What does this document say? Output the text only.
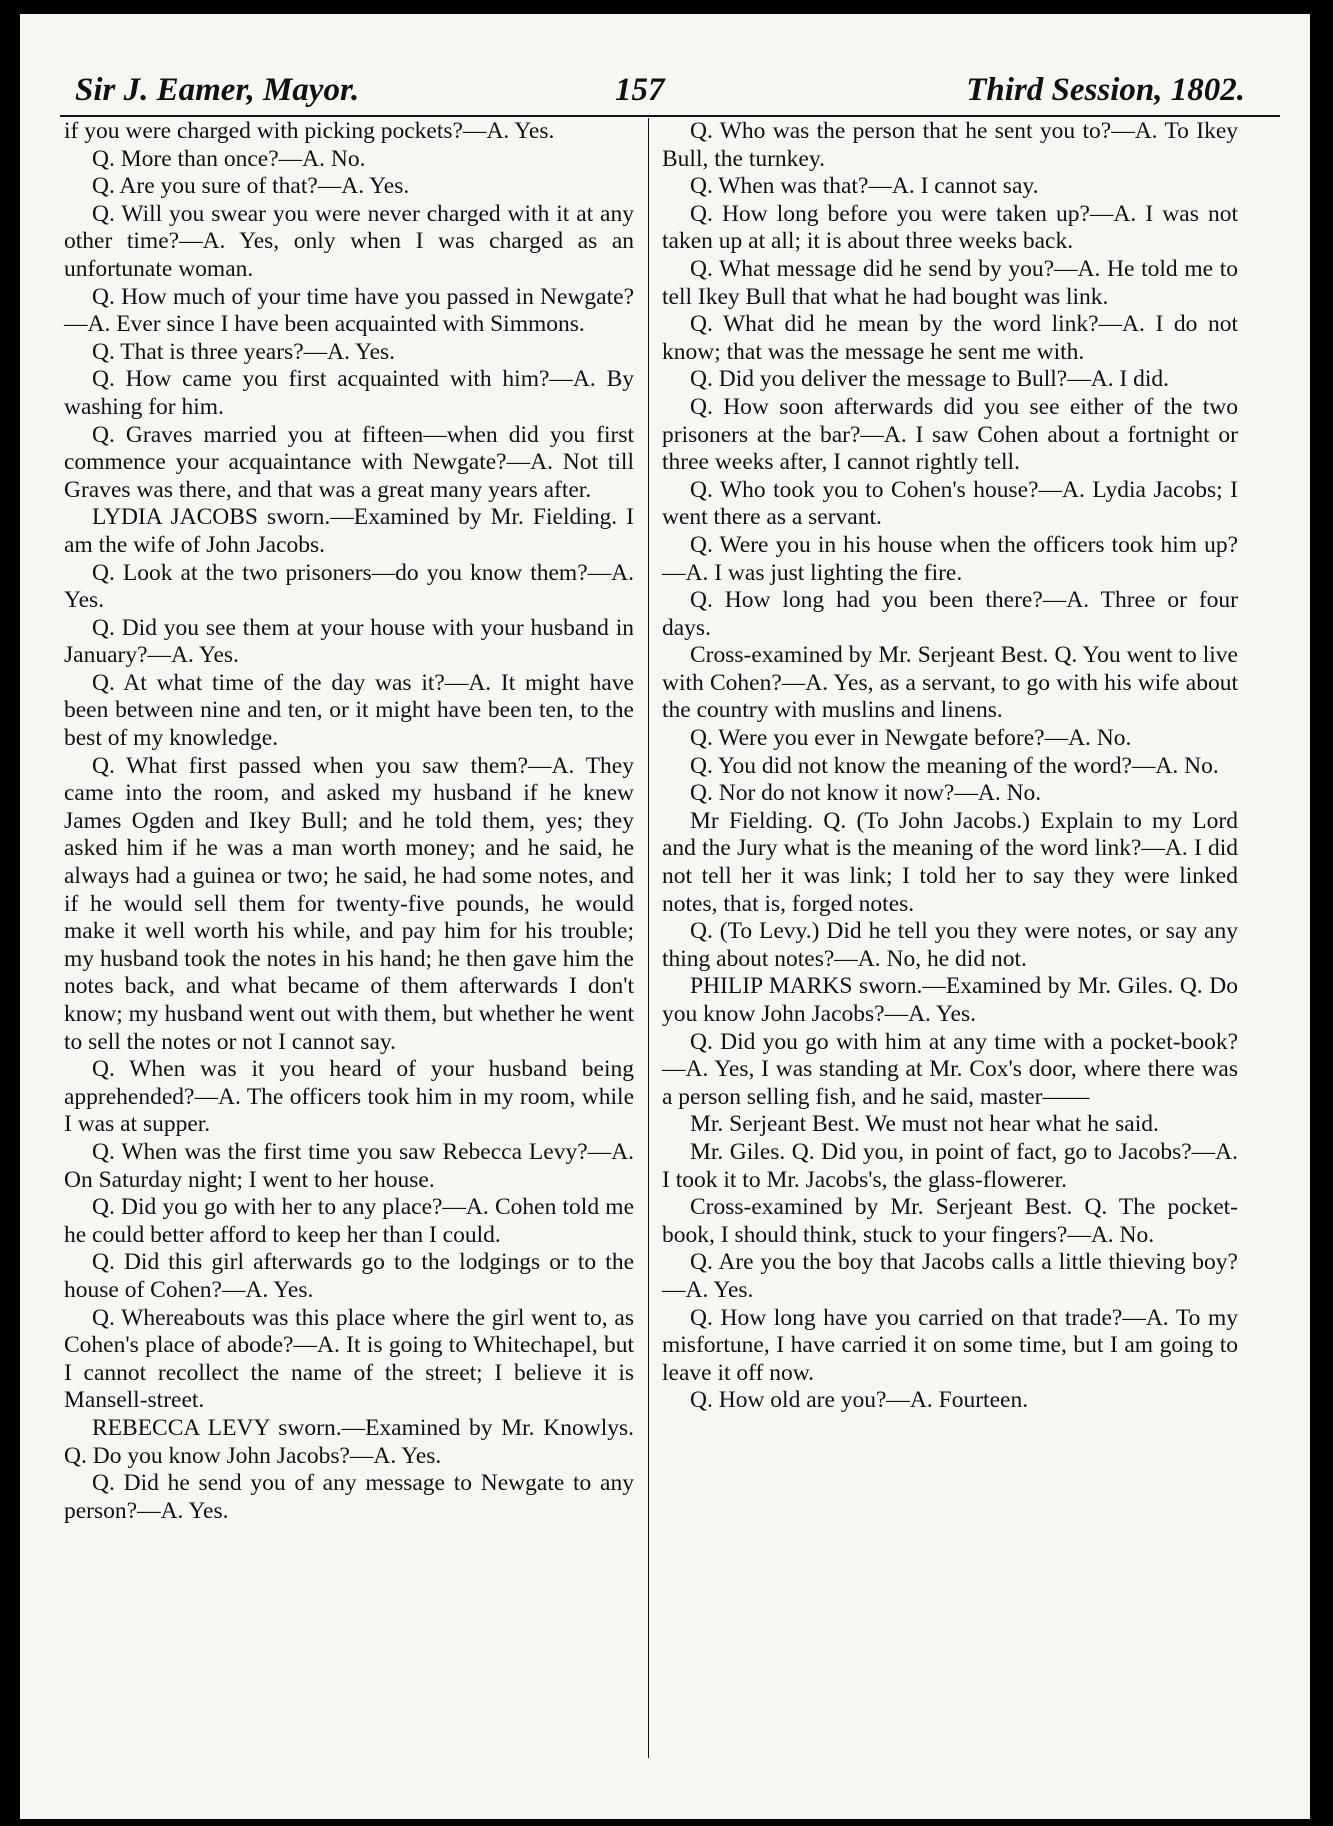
Sir J. Eamer, Mayor.	157	Third Session, 1802.

if you were charged with picking pockets?—A. Yes.

Q. More than once?—A. No.

Q. Are you sure of that?—A. Yes.

Q. Will you swear you were never charged with it at any other time?—A. Yes, only when I was charged as an unfortunate woman.

Q. How much of your time have you passed in Newgate?—A. Ever since I have been acquainted with Simmons.

Q. That is three years?—A. Yes.

Q. How came you first acquainted with him?—A. By washing for him.

Q. Graves married you at fifteen—when did you first commence your acquaintance with Newgate?—A. Not till Graves was there, and that was a great many years after.

LYDIA JACOBS sworn.—Examined by Mr. Fielding. I am the wife of John Jacobs.

Q. Look at the two prisoners—do you know them?—A. Yes.

Q. Did you see them at your house with your husband in January?—A. Yes.

Q. At what time of the day was it?—A. It might have been between nine and ten, or it might have been ten, to the best of my knowledge.

Q. What first passed when you saw them?—A. They came into the room, and asked my husband if he knew James Ogden and Ikey Bull; and he told them, yes; they asked him if he was a man worth money; and he said, he always had a guinea or two; he said, he had some notes, and if he would sell them for twenty-five pounds, he would make it well worth his while, and pay him for his trouble; my husband took the notes in his hand; he then gave him the notes back, and what became of them afterwards I don't know; my husband went out with them, but whether he went to sell the notes or not I cannot say.

Q. When was it you heard of your husband being apprehended?—A. The officers took him in my room, while I was at supper.

Q. When was the first time you saw Rebecca Levy?—A. On Saturday night; I went to her house.

Q. Did you go with her to any place?—A. Cohen told me he could better afford to keep her than I could.

Q. Did this girl afterwards go to the lodgings or to the house of Cohen?—A. Yes.

Q. Whereabouts was this place where the girl went to, as Cohen's place of abode?—A. It is going to Whitechapel, but I cannot recollect the name of the street; I believe it is Mansell-street.

REBECCA LEVY sworn.—Examined by Mr. Knowlys. Q. Do you know John Jacobs?—A. Yes.

Q. Did he send you of any message to Newgate to any person?—A. Yes.

Q. Who was the person that he sent you to?—A. To Ikey Bull, the turnkey.

Q. When was that?—A. I cannot say.

Q. How long before you were taken up?—A. I was not taken up at all; it is about three weeks back.

Q. What message did he send by you?—A. He told me to tell Ikey Bull that what he had bought was link.

Q. What did he mean by the word link?—A. I do not know; that was the message he sent me with.

Q. Did you deliver the message to Bull?—A. I did.

Q. How soon afterwards did you see either of the two prisoners at the bar?—A. I saw Cohen about a fortnight or three weeks after, I cannot rightly tell.

Q. Who took you to Cohen's house?—A. Lydia Jacobs; I went there as a servant.

Q. Were you in his house when the officers took him up?—A. I was just lighting the fire.

Q. How long had you been there?—A. Three or four days.

Cross-examined by Mr. Serjeant Best. Q. You went to live with Cohen?—A. Yes, as a servant, to go with his wife about the country with muslins and linens.

Q. Were you ever in Newgate before?—A. No.

Q. You did not know the meaning of the word?—A. No.

Q. Nor do not know it now?—A. No.

Mr Fielding. Q. (To John Jacobs.) Explain to my Lord and the Jury what is the meaning of the word link?—A. I did not tell her it was link; I told her to say they were linked notes, that is, forged notes.

Q. (To Levy.) Did he tell you they were notes, or say any thing about notes?—A. No, he did not.

PHILIP MARKS sworn.—Examined by Mr. Giles. Q. Do you know John Jacobs?—A. Yes.

Q. Did you go with him at any time with a pocket-book?—A. Yes, I was standing at Mr. Cox's door, where there was a person selling fish, and he said, master——

Mr. Serjeant Best. We must not hear what he said.

Mr. Giles. Q. Did you, in point of fact, go to Jacobs?—A. I took it to Mr. Jacobs's, the glass-flowerer.

Cross-examined by Mr. Serjeant Best. Q. The pocket-book, I should think, stuck to your fingers?—A. No.

Q. Are you the boy that Jacobs calls a little thieving boy?—A. Yes.

Q. How long have you carried on that trade?—A. To my misfortune, I have carried it on some time, but I am going to leave it off now.

Q. How old are you?—A. Fourteen.
